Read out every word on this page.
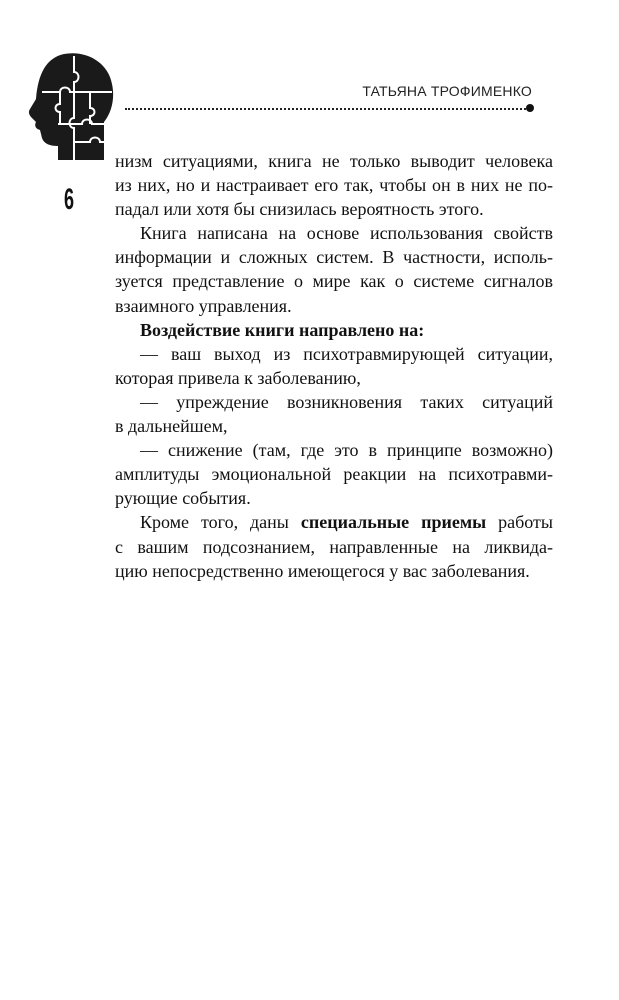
ТАТЬЯНА ТРОФИМЕНКО
6

низм ситуациями, книга не только выводит человека

из них, но и настраивает его так, чтобы он в них не по-

падал или хотя бы снизилась вероятность этого.

Книга написана на основе использования свойств

информации и сложных систем. В частности, исполь-

зуется представление о мире как о системе сигналов

взаимного управления.

Воздействие книги направлено на:

— ваш выход из психотравмирующей ситуации,

которая привела к заболеванию,

— упреждение возникновения таких ситуаций

в дальнейшем,

— снижение (там, где это в принципе возможно)

амплитуды эмоциональной реакции на психотравми-

рующие события.

Кроме того, даны специальные приемы работы

с вашим подсознанием, направленные на ликвида-

цию непосредственно имеющегося у вас заболевания.
